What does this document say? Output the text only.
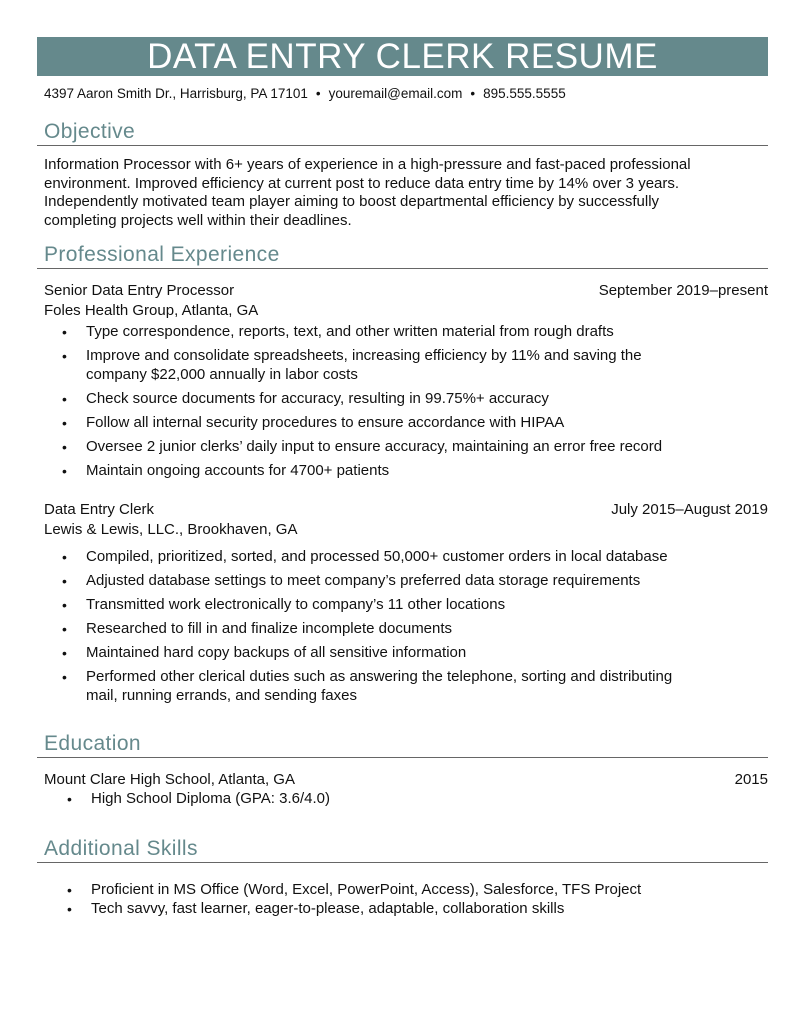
DATA ENTRY CLERK RESUME
4397 Aaron Smith Dr., Harrisburg, PA 17101 • youremail@email.com • 895.555.5555
Objective
Information Processor with 6+ years of experience in a high-pressure and fast-paced professional environment. Improved efficiency at current post to reduce data entry time by 14% over 3 years. Independently motivated team player aiming to boost departmental efficiency by successfully completing projects well within their deadlines.
Professional Experience
Senior Data Entry Processor	September 2019–present
Foles Health Group, Atlanta, GA
• Type correspondence, reports, text, and other written material from rough drafts
• Improve and consolidate spreadsheets, increasing efficiency by 11% and saving the company $22,000 annually in labor costs
• Check source documents for accuracy, resulting in 99.75%+ accuracy
• Follow all internal security procedures to ensure accordance with HIPAA
• Oversee 2 junior clerks’ daily input to ensure accuracy, maintaining an error free record
• Maintain ongoing accounts for 4700+ patients
Data Entry Clerk	July 2015–August 2019
Lewis & Lewis, LLC., Brookhaven, GA
• Compiled, prioritized, sorted, and processed 50,000+ customer orders in local database
• Adjusted database settings to meet company’s preferred data storage requirements
• Transmitted work electronically to company’s 11 other locations
• Researched to fill in and finalize incomplete documents
• Maintained hard copy backups of all sensitive information
• Performed other clerical duties such as answering the telephone, sorting and distributing mail, running errands, and sending faxes
Education
Mount Clare High School, Atlanta, GA	2015
• High School Diploma (GPA: 3.6/4.0)
Additional Skills
• Proficient in MS Office (Word, Excel, PowerPoint, Access), Salesforce, TFS Project
• Tech savvy, fast learner, eager-to-please, adaptable, collaboration skills
